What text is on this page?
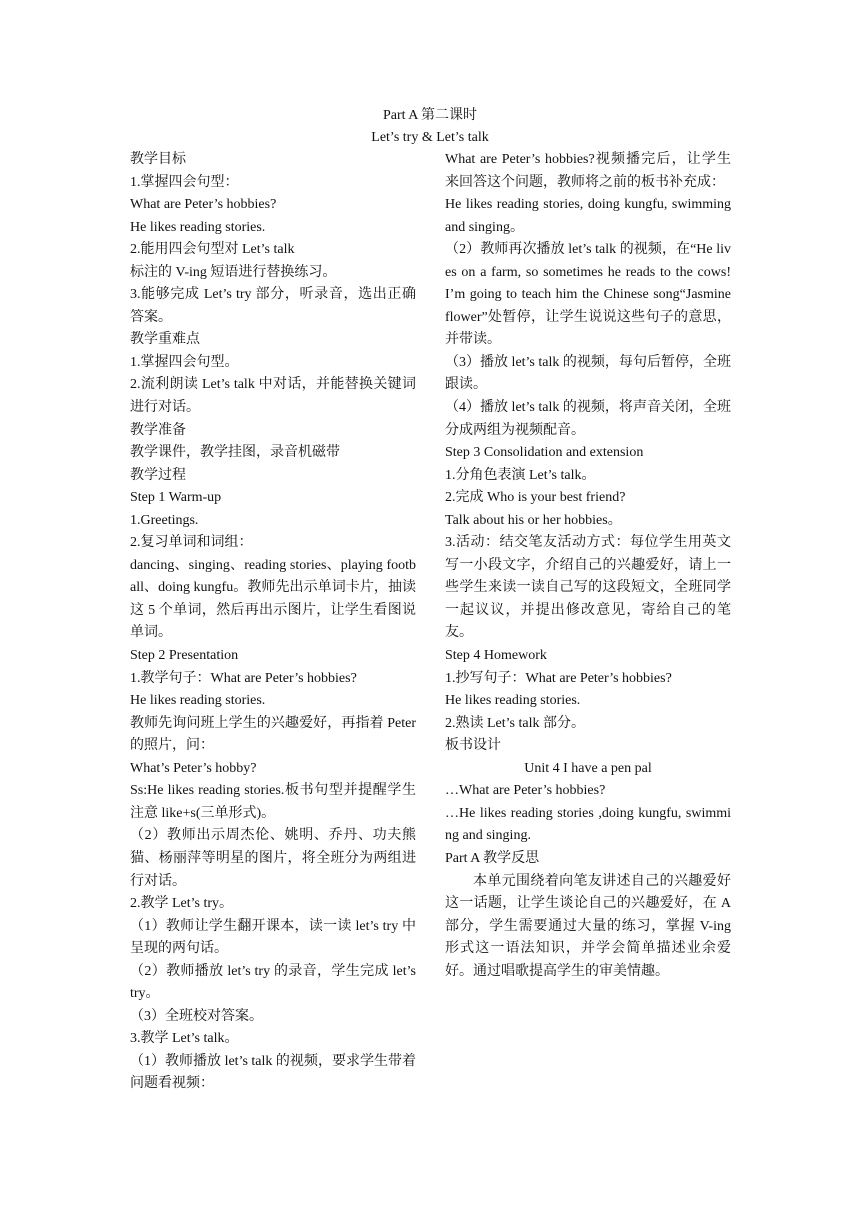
Part A 第二课时
Let’s try & Let’s talk

教学目标

1.掌握四会句型：

What are Peter’s hobbies?

He likes reading stories.

2.能用四会句型对 Let’s talk

标注的 V-ing 短语进行替换练习。

3.能够完成 Let’s try 部分，听录音，选出正确答案。

教学重难点

1.掌握四会句型。

2.流利朗读 Let’s talk 中对话，并能替换关键词进行对话。

教学准备

教学课件，教学挂图，录音机磁带

教学过程

Step 1 Warm-up

1.Greetings.

2.复习单词和词组：

dancing、singing、reading stories、playing football、doing kungfu。教师先出示单词卡片，抽读这 5 个单词，然后再出示图片，让学生看图说单词。

Step 2 Presentation

1.教学句子：What are Peter’s hobbies?

He likes reading stories.

教师先询问班上学生的兴趣爱好，再指着 Peter 的照片，问：

What’s Peter’s hobby?

Ss:He likes reading stories.板书句型并提醒学生注意 like+s(三单形式)。

（2）教师出示周杰伦、姚明、乔丹、功夫熊猫、杨丽萍等明星的图片，将全班分为两组进行对话。

2.教学 Let’s try。

（1）教师让学生翻开课本，读一读 let’s try 中呈现的两句话。

（2）教师播放 let’s try 的录音，学生完成 let’s try。

（3）全班校对答案。

3.教学 Let’s talk。

（1）教师播放 let’s talk 的视频，要求学生带着问题看视频：

What are Peter’s hobbies?视频播完后，让学生来回答这个问题，教师将之前的板书补充成：

He likes reading stories, doing kungfu, swimming and singing。

（2）教师再次播放 let’s talk 的视频，在“He lives on a farm, so sometimes he reads to the cows! I’m going to teach him the Chinese song“Jasmine flower”处暂停，让学生说说这些句子的意思，并带读。

（3）播放 let’s talk 的视频，每句后暂停，全班跟读。

（4）播放 let’s talk 的视频，将声音关闭，全班分成两组为视频配音。

Step 3 Consolidation and extension

1.分角色表演 Let’s talk。

2.完成 Who is your best friend?

Talk about his or her hobbies。

3.活动：结交笔友活动方式：每位学生用英文写一小段文字，介绍自己的兴趣爱好，请上一些学生来读一读自己写的这段短文，全班同学一起议议，并提出修改意见，寄给自己的笔友。

Step 4 Homework

1.抄写句子：What are Peter’s hobbies?

He likes reading stories.

2.熟读 Let’s talk 部分。

板书设计

Unit 4 I have a pen pal

…What are Peter’s hobbies?

…He likes reading stories ,doing kungfu, swimming and singing.

Part A 教学反思

本单元围绕着向笔友讲述自己的兴趣爱好这一话题，让学生谈论自己的兴趣爱好，在 A 部分，学生需要通过大量的练习，掌握 V-ing 形式这一语法知识，并学会简单描述业余爱好。通过唱歌提高学生的审美情趣。
